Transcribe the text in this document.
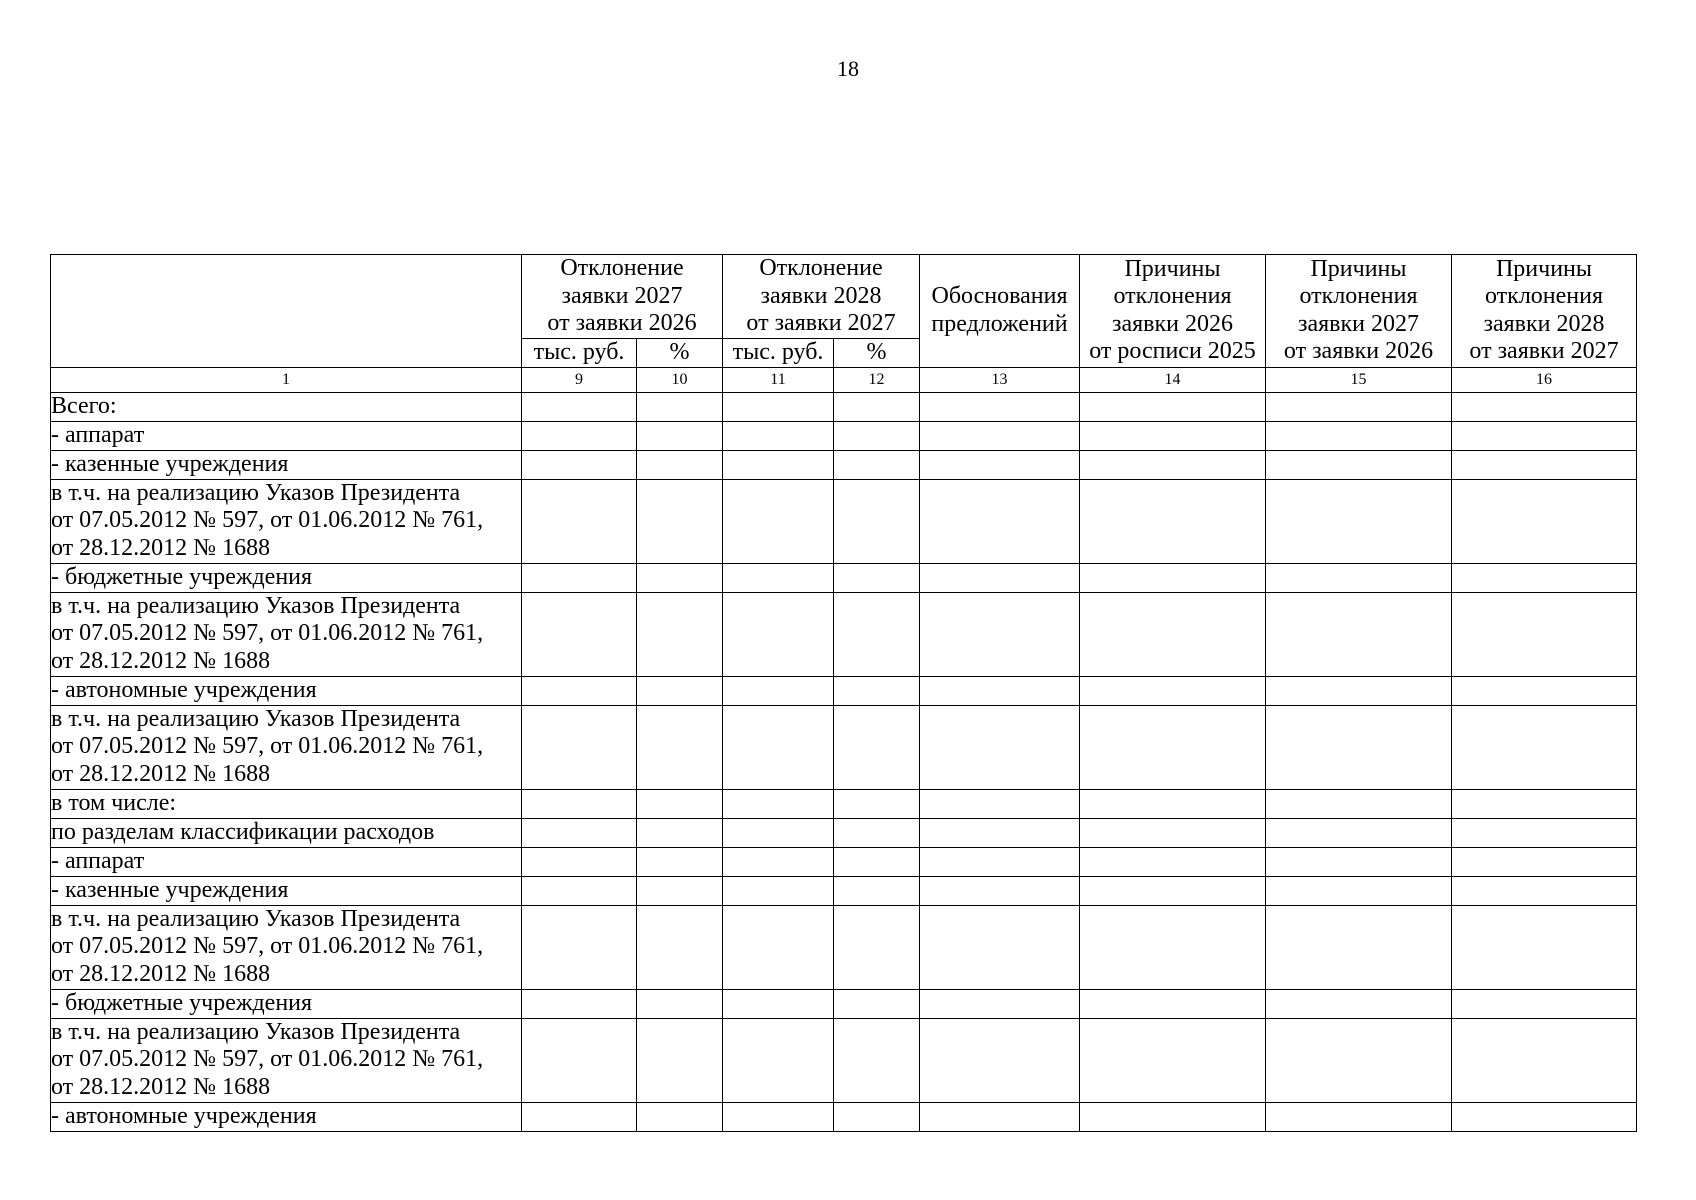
18

	Отклонение
заявки 2027
от заявки 2026		Отклонение
заявки 2028
от заявки 2027		Обоснования
предложений	Причины
отклонения
заявки 2026
от росписи 2025	Причины
отклонения
заявки 2027
от заявки 2026	Причины
отклонения
заявки 2028
от заявки 2027

	тыс. руб.	%	тыс. руб.	%				
1	9	10	11	12	13	14	15	16

Всего:								

- аппарат								

- казенные учреждения								

в т.ч. на реализацию Указов Президента
от 07.05.2012 № 597, от 01.06.2012 № 761,
от 28.12.2012 № 1688								

- бюджетные учреждения								

в т.ч. на реализацию Указов Президента
от 07.05.2012 № 597, от 01.06.2012 № 761,
от 28.12.2012 № 1688								

- автономные учреждения								

в т.ч. на реализацию Указов Президента
от 07.05.2012 № 597, от 01.06.2012 № 761,
от 28.12.2012 № 1688								

в том числе:								

по разделам классификации расходов								

- аппарат								

- казенные учреждения								

в т.ч. на реализацию Указов Президента
от 07.05.2012 № 597, от 01.06.2012 № 761,
от 28.12.2012 № 1688								

- бюджетные учреждения								

в т.ч. на реализацию Указов Президента
от 07.05.2012 № 597, от 01.06.2012 № 761,
от 28.12.2012 № 1688								

- автономные учреждения								
